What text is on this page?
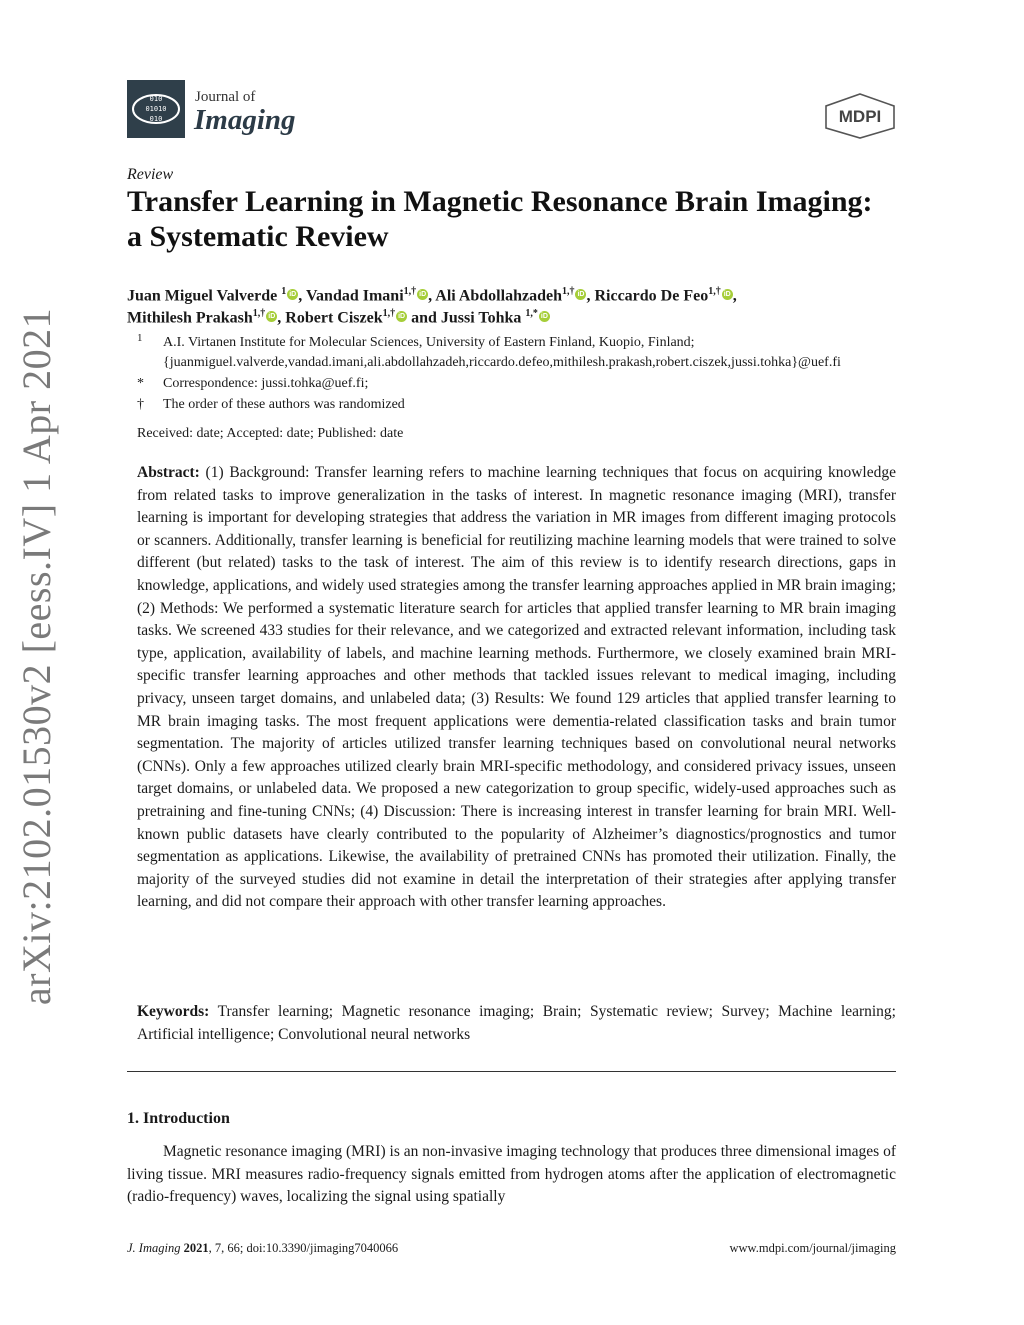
arXiv:2102.01530v2 [eess.IV] 1 Apr 2021
010
01010
010
Journal of
Imaging	MDPI
Review
Transfer Learning in Magnetic Resonance Brain Imaging: a Systematic Review
Juan Miguel Valverde $^1$ iD , Vandad Imani$^{1,\dagger}$ iD , Ali Abdollahzadeh$^{1,\dagger}$ iD , Riccardo De Feo$^{1,\dagger}$ iD ,
Mithilesh Prakash$^{1,\dagger}$ iD , Robert Ciszek$^{1,\dagger}$ iD and Jussi Tohka $^{1,*}$ iD
1 A.I. Virtanen Institute for Molecular Sciences, University of Eastern Finland, Kuopio, Finland;
{juanmiguel.valverde,vandad.imani,ali.abdollahzadeh,riccardo.defeo,mithilesh.prakash,robert.ciszek,jussi.tohka}@uef.fi
* Correspondence: jussi.tohka@uef.fi;
† The order of these authors was randomized
Received: date; Accepted: date; Published: date

Abstract: (1) Background: Transfer learning refers to machine learning techniques that focus on acquiring knowledge from related tasks to improve generalization in the tasks of interest. In magnetic resonance imaging (MRI), transfer learning is important for developing strategies that address the variation in MR images from different imaging protocols or scanners. Additionally, transfer learning is beneficial for reutilizing machine learning models that were trained to solve different (but related) tasks to the task of interest. The aim of this review is to identify research directions, gaps in knowledge, applications, and widely used strategies among the transfer learning approaches applied in MR brain imaging; (2) Methods: We performed a systematic literature search for articles that applied transfer learning to MR brain imaging tasks. We screened 433 studies for their relevance, and we categorized and extracted relevant information, including task type, application, availability of labels, and machine learning methods. Furthermore, we closely examined brain MRI-specific transfer learning approaches and other methods that tackled issues relevant to medical imaging, including privacy, unseen target domains, and unlabeled data; (3) Results: We found 129 articles that applied transfer learning to MR brain imaging tasks. The most frequent applications were dementia-related classification tasks and brain tumor segmentation. The majority of articles utilized transfer learning techniques based on convolutional neural networks (CNNs). Only a few approaches utilized clearly brain MRI-specific methodology, and considered privacy issues, unseen target domains, or unlabeled data. We proposed a new categorization to group specific, widely-used approaches such as pretraining and fine-tuning CNNs; (4) Discussion: There is increasing interest in transfer learning for brain MRI. Well-known public datasets have clearly contributed to the popularity of Alzheimer’s diagnostics/prognostics and tumor segmentation as applications. Likewise, the availability of pretrained CNNs has promoted their utilization. Finally, the majority of the surveyed studies did not examine in detail the interpretation of their strategies after applying transfer learning, and did not compare their approach with other transfer learning approaches.

Keywords: Transfer learning; Magnetic resonance imaging; Brain; Systematic review; Survey; Machine learning; Artificial intelligence; Convolutional neural networks

1. Introduction

Magnetic resonance imaging (MRI) is an non-invasive imaging technology that produces three dimensional images of living tissue. MRI measures radio-frequency signals emitted from hydrogen atoms after the application of electromagnetic (radio-frequency) waves, localizing the signal using spatially

J. Imaging 2021, 7, 66; doi:10.3390/jimaging7040066	www.mdpi.com/journal/jimaging
